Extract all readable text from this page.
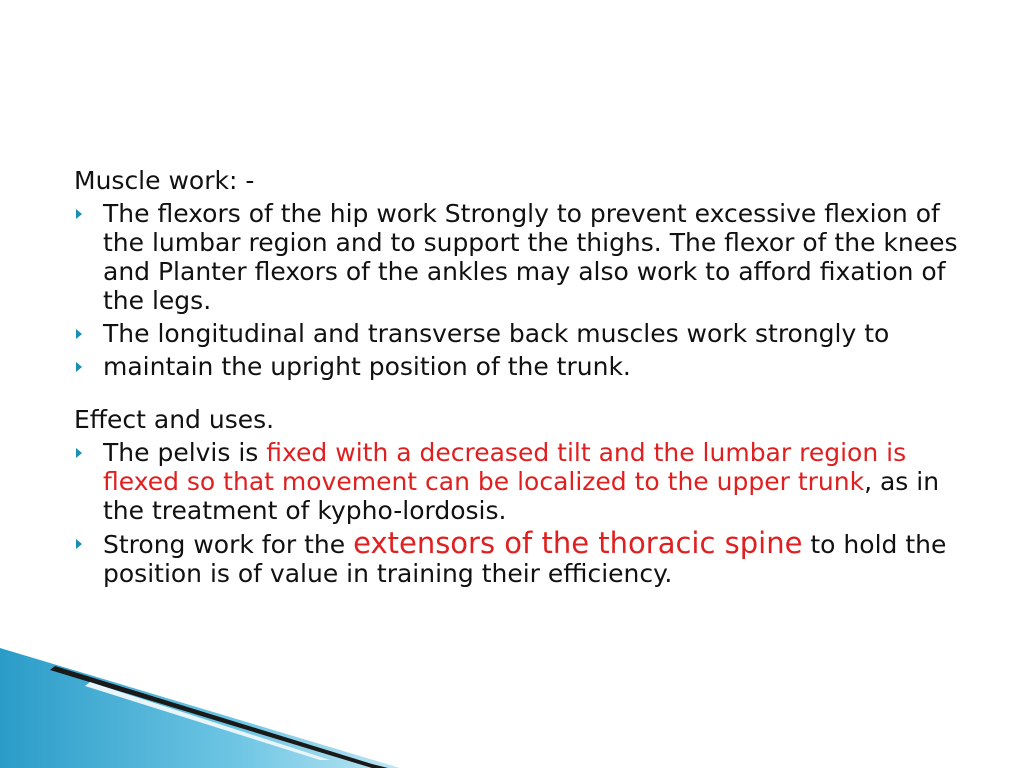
Muscle work: -

The flexors of the hip work Strongly to prevent excessive flexion of the lumbar region and to support the thighs. The flexor of the knees and Planter flexors of the ankles may also work to afford fixation of the legs.
The longitudinal and transverse back muscles work strongly to
maintain the upright position of the trunk.

Effect and uses.

The pelvis is fixed with a decreased tilt and the lumbar region is flexed so that movement can be localized to the upper trunk, as in the treatment of kypho-lordosis.
Strong work for the extensors of the thoracic spine to hold the position is of value in training their efficiency.
